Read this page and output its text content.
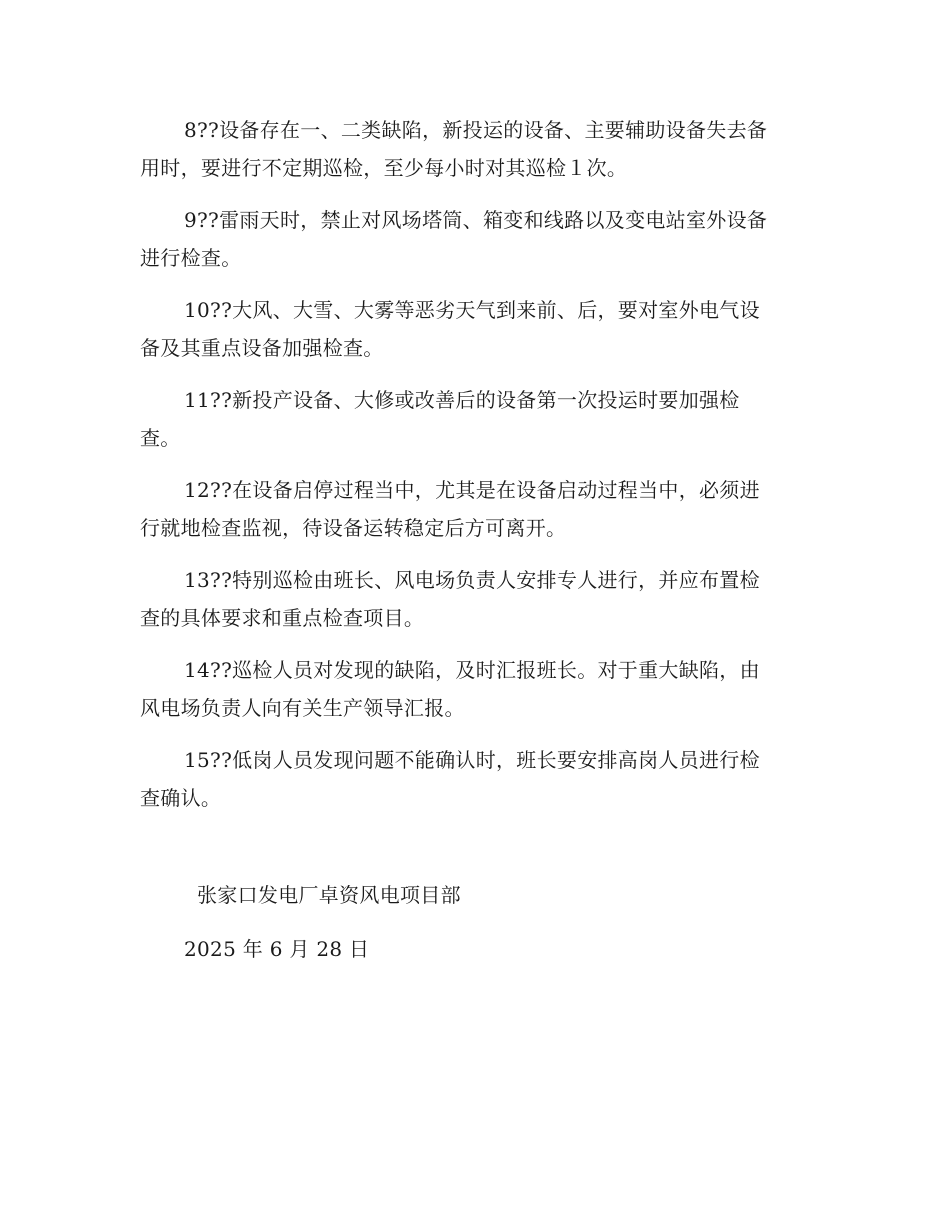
8??设备存在一、二类缺陷，新投运的设备、主要辅助设备失去备
用时，要进行不定期巡检，至少每小时对其巡检１次。

9??雷雨天时，禁止对风场塔筒、箱变和线路以及变电站室外设备
进行检查。

10??大风、大雪、大雾等恶劣天气到来前、后，要对室外电气设
备及其重点设备加强检查。

11??新投产设备、大修或改善后的设备第一次投运时要加强检
查。

12??在设备启停过程当中，尤其是在设备启动过程当中，必须进
行就地检查监视，待设备运转稳定后方可离开。

13??特别巡检由班长、风电场负责人安排专人进行，并应布置检
查的具体要求和重点检查项目。

14??巡检人员对发现的缺陷，及时汇报班长。对于重大缺陷，由
风电场负责人向有关生产领导汇报。

15??低岗人员发现问题不能确认时，班长要安排高岗人员进行检
查确认。

张家口发电厂卓资风电项目部
2025 年 6 月 28 日
